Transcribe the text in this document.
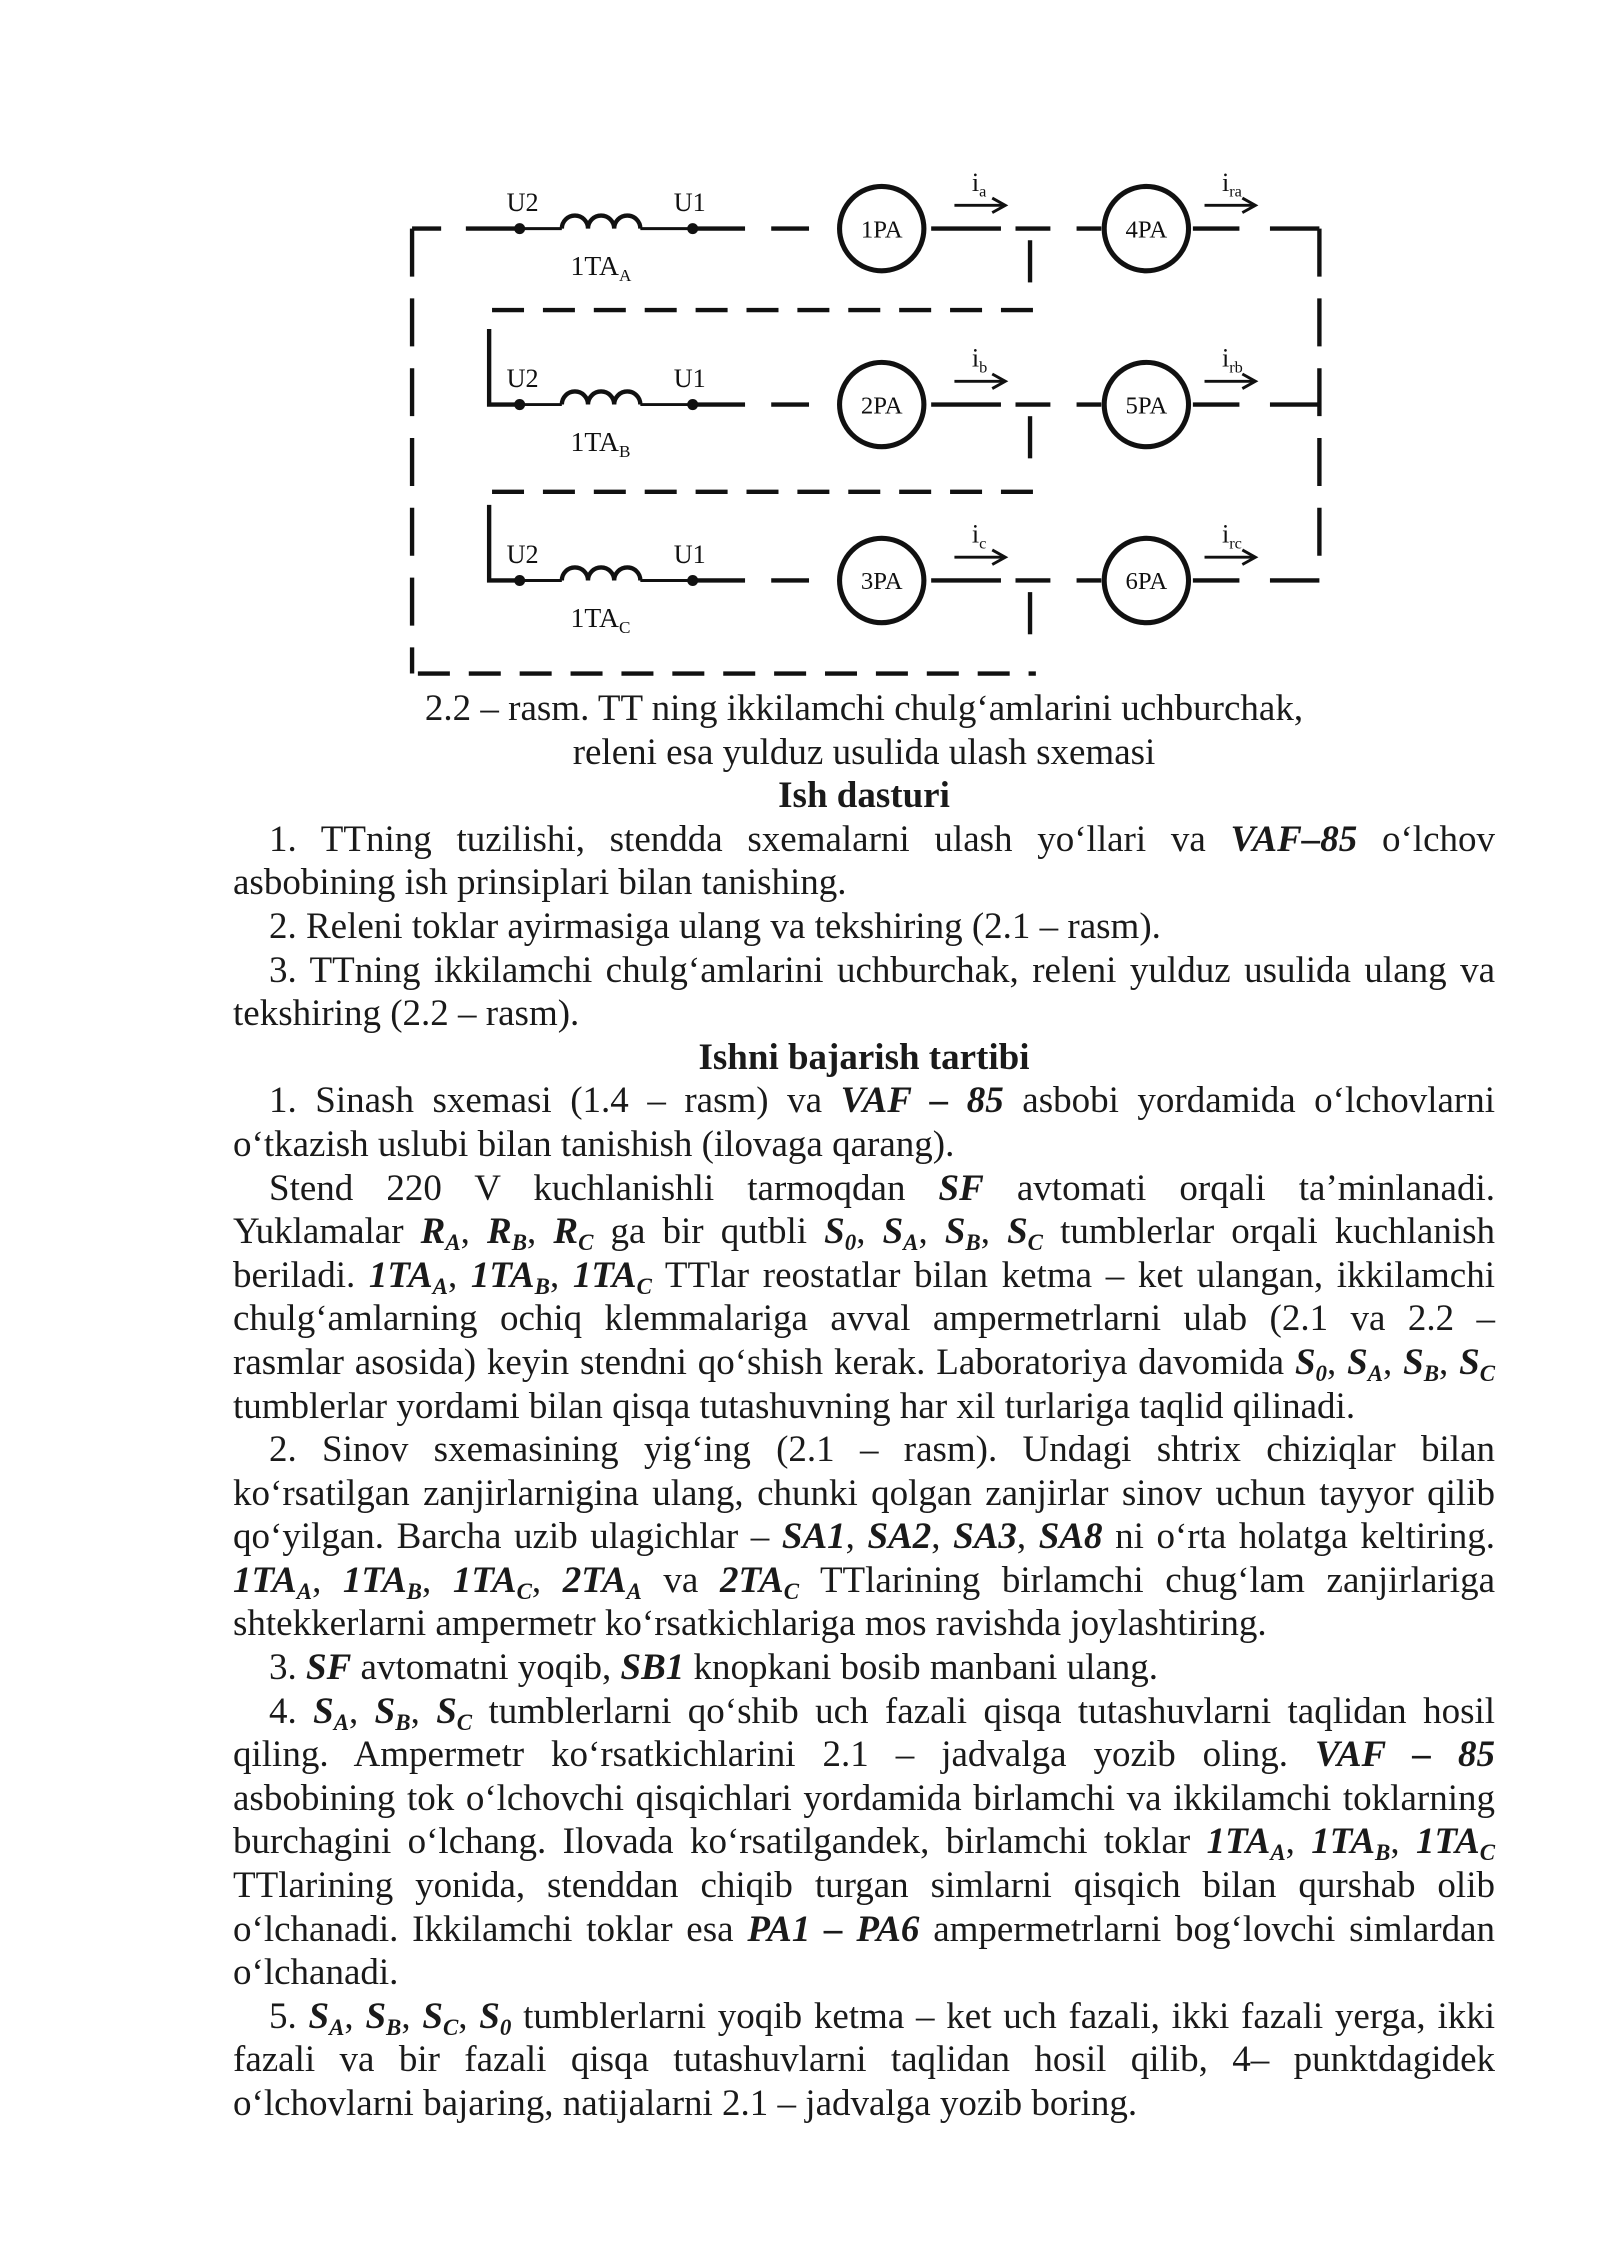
U2	U1
$1TA_A$
1PA	4PA
$i_a$	$i_{ra}$
U2	U1
$1TA_B$
2PA	5PA
$i_b$	$i_{rb}$
U2	U1
$1TA_C$
3PA	6PA
$i_c$	$i_{rc}$
2.2 – rasm. TT ning ikkilamchi chulg‘amlarini uchburchak,
releni esa yulduz usulida ulash sxemasi
Ish dasturi
1. TTning tuzilishi, stendda sxemalarni ulash yo‘llari va VAF–85 o‘lchov
asbobining ish prinsiplari bilan tanishing.
2. Releni toklar ayirmasiga ulang va tekshiring (2.1 – rasm).
3. TTning ikkilamchi chulg‘amlarini uchburchak, releni yulduz usulida ulang va
tekshiring (2.2 – rasm).
Ishni bajarish tartibi
1. Sinash sxemasi (1.4 – rasm) va VAF – 85 asbobi yordamida o‘lchovlarni
o‘tkazish uslubi bilan tanishish (ilovaga qarang).
Stend 220 V kuchlanishli tarmoqdan SF avtomati orqali ta’minlanadi.
Yuklamalar RA, RB, RC ga bir qutbli S0, SA, SB, SC tumblerlar orqali kuchlanish
beriladi. 1TAA, 1TAB, 1TAC TTlar reostatlar bilan ketma – ket ulangan, ikkilamchi
chulg‘amlarning ochiq klemmalariga avval ampermetrlarni ulab (2.1 va 2.2 –
rasmlar asosida) keyin stendni qo‘shish kerak. Laboratoriya davomida S0, SA, SB, SC
tumblerlar yordami bilan qisqa tutashuvning har xil turlariga taqlid qilinadi.
2. Sinov sxemasining yig‘ing (2.1 – rasm). Undagi shtrix chiziqlar bilan
ko‘rsatilgan zanjirlarnigina ulang, chunki qolgan zanjirlar sinov uchun tayyor qilib
qo‘yilgan. Barcha uzib ulagichlar – SA1, SA2, SA3, SA8 ni o‘rta holatga keltiring.
1TAA, 1TAB, 1TAC, 2TAA va 2TAC TTlarining birlamchi chug‘lam zanjirlariga
shtekkerlarni ampermetr ko‘rsatkichlariga mos ravishda joylashtiring.
3. SF avtomatni yoqib, SB1 knopkani bosib manbani ulang.
4. SA, SB, SC tumblerlarni qo‘shib uch fazali qisqa tutashuvlarni taqlidan hosil
qiling. Ampermetr ko‘rsatkichlarini 2.1 – jadvalga yozib oling. VAF – 85
asbobining tok o‘lchovchi qisqichlari yordamida birlamchi va ikkilamchi toklarning
burchagini o‘lchang. Ilovada ko‘rsatilgandek, birlamchi toklar 1TAA, 1TAB, 1TAC
TTlarining yonida, stenddan chiqib turgan simlarni qisqich bilan qurshab olib
o‘lchanadi. Ikkilamchi toklar esa PA1 – PA6 ampermetrlarni bog‘lovchi simlardan
o‘lchanadi.
5. SA, SB, SC, S0 tumblerlarni yoqib ketma – ket uch fazali, ikki fazali yerga, ikki
fazali va bir fazali qisqa tutashuvlarni taqlidan hosil qilib, 4– punktdagidek
o‘lchovlarni bajaring, natijalarni 2.1 – jadvalga yozib boring.
